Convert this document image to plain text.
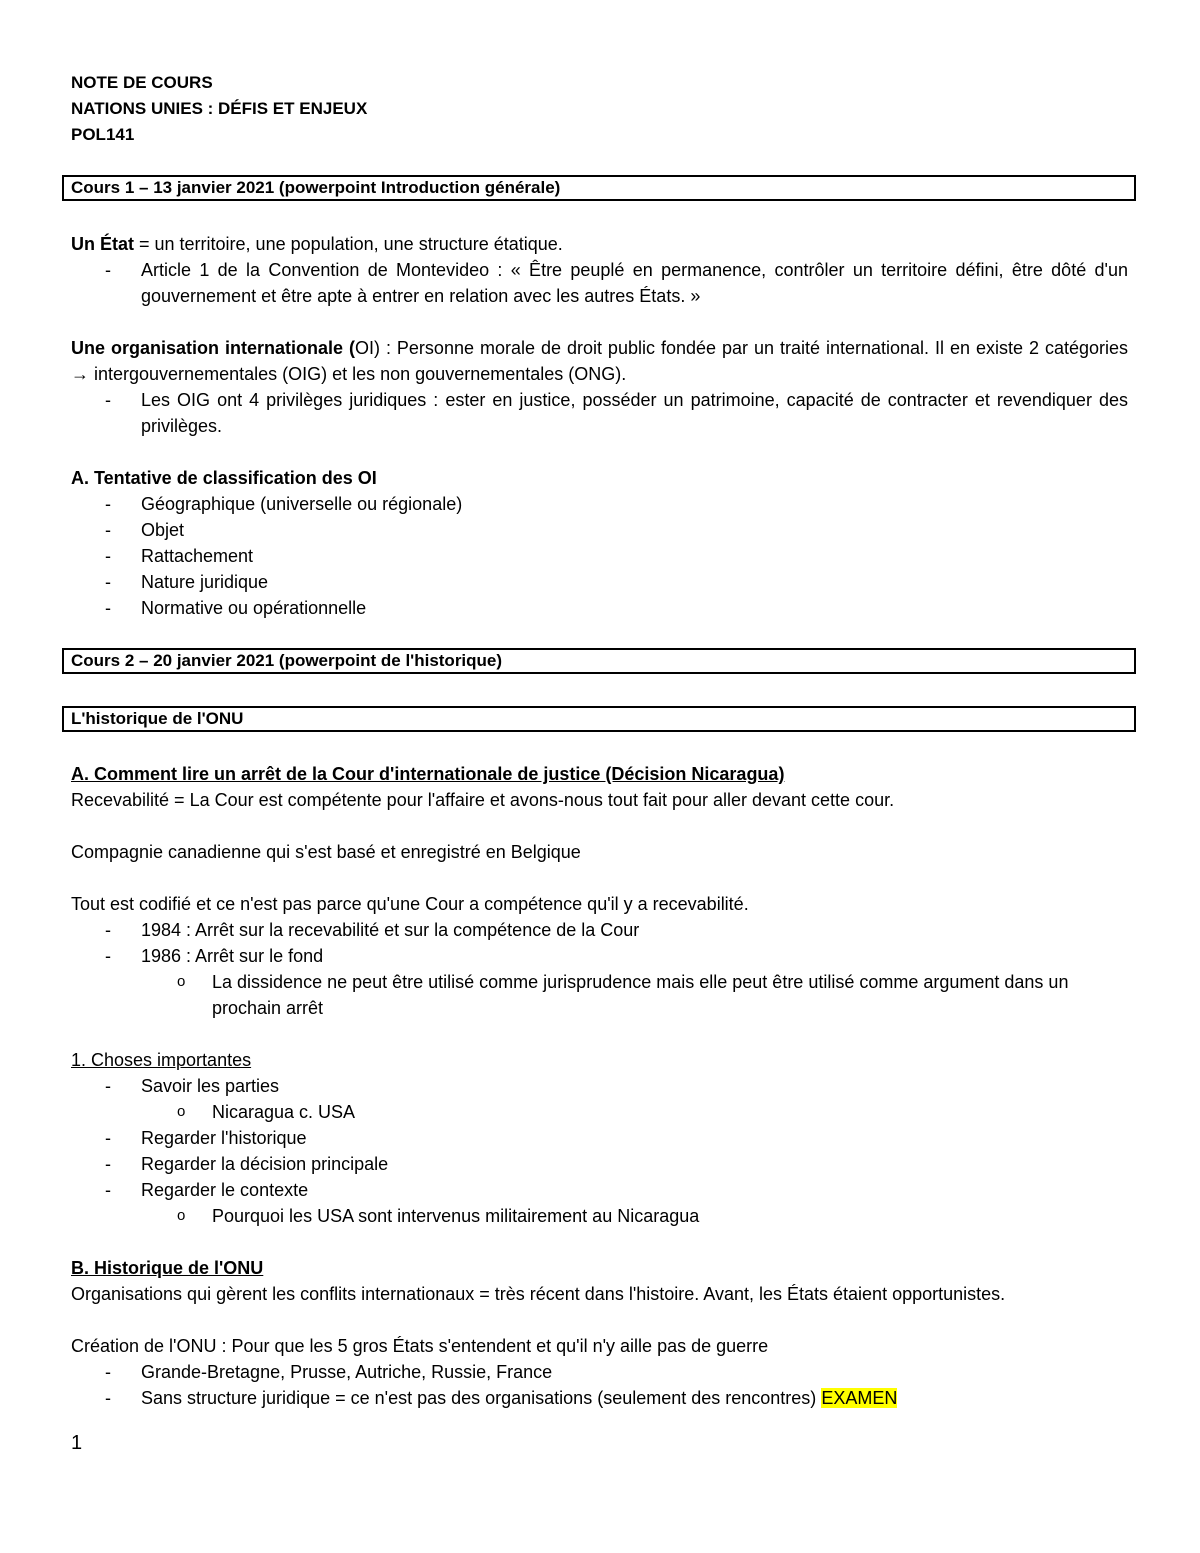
NOTE DE COURS

NATIONS UNIES : DÉFIS ET ENJEUX

POL141

Cours 1 – 13 janvier 2021 (powerpoint Introduction générale)

Un État = un territoire, une population, une structure étatique.

- Article 1 de la Convention de Montevideo : « Être peuplé en permanence, contrôler un territoire défini, être dôté d'un gouvernement et être apte à entrer en relation avec les autres États. »

Une organisation internationale (OI) : Personne morale de droit public fondée par un traité international. Il en existe 2 catégories → intergouvernementales (OIG) et les non gouvernementales (ONG).

- Les OIG ont 4 privilèges juridiques : ester en justice, posséder un patrimoine, capacité de contracter et revendiquer des privilèges.

A. Tentative de classification des OI

- Géographique (universelle ou régionale)

- Objet

- Rattachement

- Nature juridique

- Normative ou opérationnelle

Cours 2 – 20 janvier 2021 (powerpoint de l'historique)
L'historique de l'ONU

A. Comment lire un arrêt de la Cour d'internationale de justice (Décision Nicaragua)

Recevabilité = La Cour est compétente pour l'affaire et avons-nous tout fait pour aller devant cette cour.

Compagnie canadienne qui s'est basé et enregistré en Belgique

Tout est codifié et ce n'est pas parce qu'une Cour a compétence qu'il y a recevabilité.

- 1984 : Arrêt sur la recevabilité et sur la compétence de la Cour

- 1986 : Arrêt sur le fond

o La dissidence ne peut être utilisé comme jurisprudence mais elle peut être utilisé comme argument dans un prochain arrêt

1. Choses importantes

- Savoir les parties

o Nicaragua c. USA

- Regarder l'historique

- Regarder la décision principale

- Regarder le contexte

o Pourquoi les USA sont intervenus militairement au Nicaragua

B. Historique de l'ONU

Organisations qui gèrent les conflits internationaux = très récent dans l'histoire. Avant, les États étaient opportunistes.

Création de l'ONU : Pour que les 5 gros États s'entendent et qu'il n'y aille pas de guerre

- Grande-Bretagne, Prusse, Autriche, Russie, France

- Sans structure juridique = ce n'est pas des organisations (seulement des rencontres) EXAMEN

1
